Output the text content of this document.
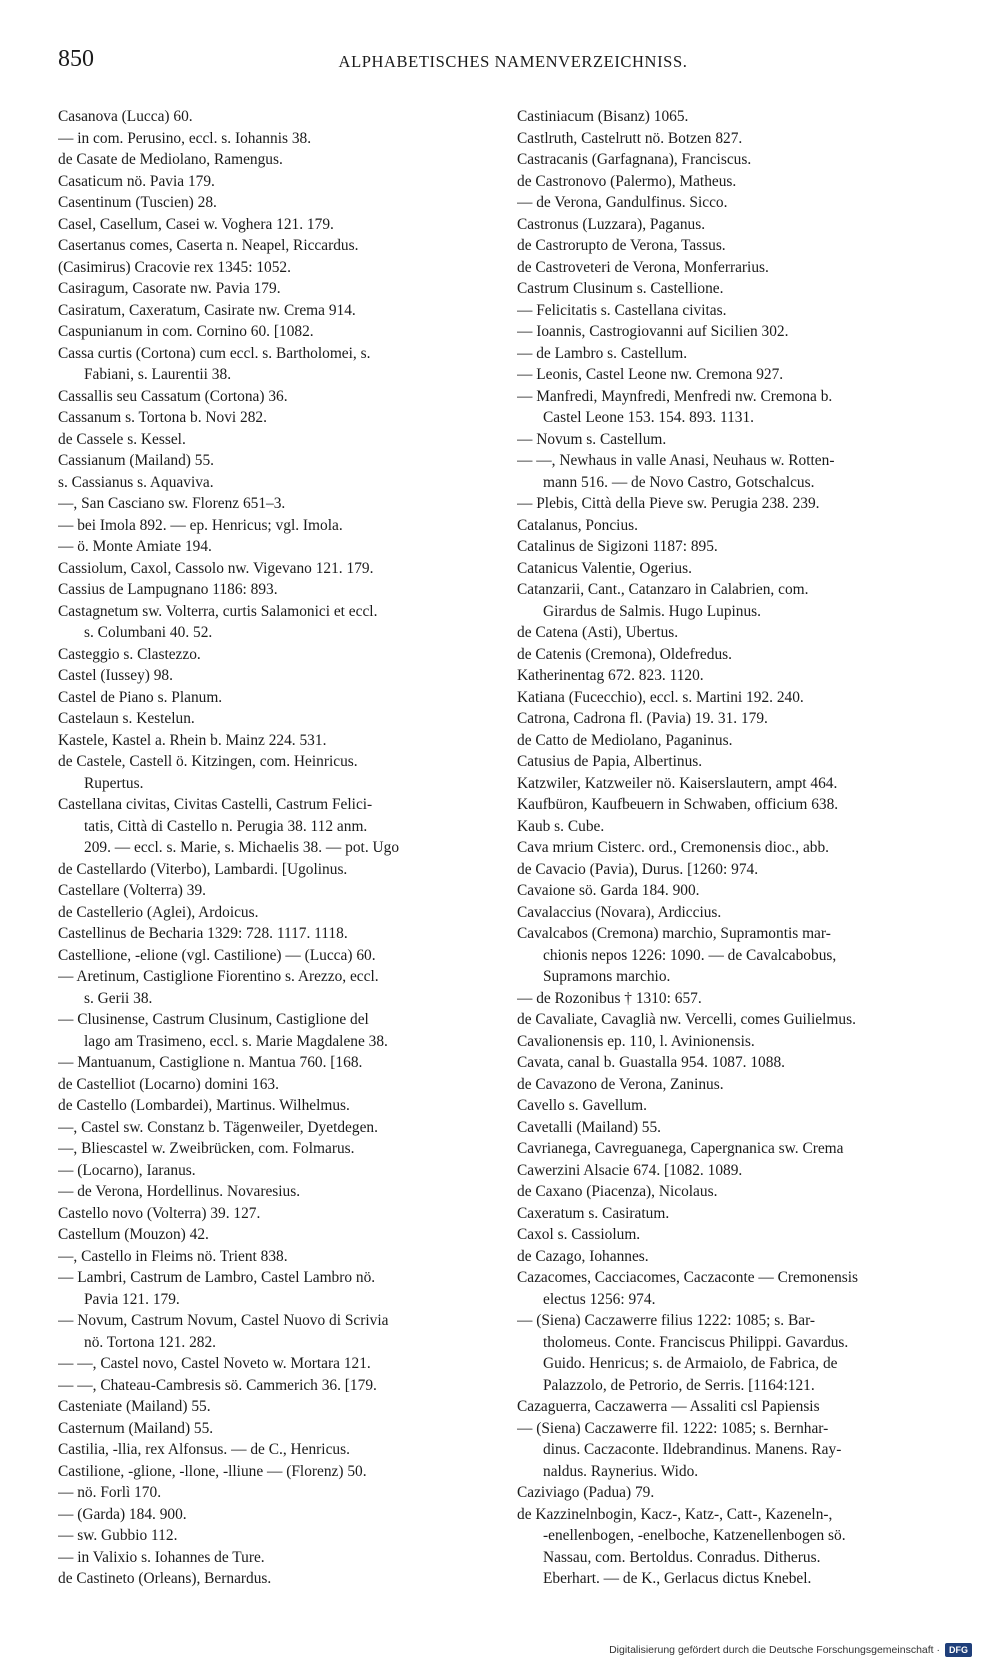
850	ALPHABETISCHES NAMENVERZEICHNISS.
Casanova (Lucca) 60.
— in com. Perusino, eccl. s. Iohannis 38.
de Casate de Mediolano, Ramengus.
Casaticum nö. Pavia 179.
Casentinum (Tuscien) 28.
Casel, Casellum, Casei w. Voghera 121. 179.
Casertanus comes, Caserta n. Neapel, Riccardus.
(Casimirus) Cracovie rex 1345: 1052.
Casiragum, Casorate nw. Pavia 179.
Casiratum, Caxeratum, Casirate nw. Crema 914.
Caspunianum in com. Cornino 60. [1082.
Cassa curtis (Cortona) cum eccl. s. Bartholomei, s.
Fabiani, s. Laurentii 38.
Cassallis seu Cassatum (Cortona) 36.
Cassanum s. Tortona b. Novi 282.
de Cassele s. Kessel.
Cassianum (Mailand) 55.
s. Cassianus s. Aquaviva.
—, San Casciano sw. Florenz 651–3.
— bei Imola 892. — ep. Henricus; vgl. Imola.
— ö. Monte Amiate 194.
Cassiolum, Caxol, Cassolo nw. Vigevano 121. 179.
Cassius de Lampugnano 1186: 893.
Castagnetum sw. Volterra, curtis Salamonici et eccl.
s. Columbani 40. 52.
Casteggio s. Clastezzo.
Castel (Iussey) 98.
Castel de Piano s. Planum.
Castelaun s. Kestelun.
Kastele, Kastel a. Rhein b. Mainz 224. 531.
de Castele, Castell ö. Kitzingen, com. Heinricus.
Rupertus.
Castellana civitas, Civitas Castelli, Castrum Felici-
tatis, Città di Castello n. Perugia 38. 112 anm.
209. — eccl. s. Marie, s. Michaelis 38. — pot. Ugo
de Castellardo (Viterbo), Lambardi. [Ugolinus.
Castellare (Volterra) 39.
de Castellerio (Aglei), Ardoicus.
Castellinus de Becharia 1329: 728. 1117. 1118.
Castellione, -elione (vgl. Castilione) — (Lucca) 60.
— Aretinum, Castiglione Fiorentino s. Arezzo, eccl.
s. Gerii 38.
— Clusinense, Castrum Clusinum, Castiglione del
lago am Trasimeno, eccl. s. Marie Magdalene 38.
— Mantuanum, Castiglione n. Mantua 760. [168.
de Castelliot (Locarno) domini 163.
de Castello (Lombardei), Martinus. Wilhelmus.
—, Castel sw. Constanz b. Tägenweiler, Dyetdegen.
—, Bliescastel w. Zweibrücken, com. Folmarus.
— (Locarno), Iaranus.
— de Verona, Hordellinus. Novaresius.
Castello novo (Volterra) 39. 127.
Castellum (Mouzon) 42.
—, Castello in Fleims nö. Trient 838.
— Lambri, Castrum de Lambro, Castel Lambro nö.
Pavia 121. 179.
— Novum, Castrum Novum, Castel Nuovo di Scrivia
nö. Tortona 121. 282.
— —, Castel novo, Castel Noveto w. Mortara 121.
— —, Chateau-Cambresis sö. Cammerich 36. [179.
Casteniate (Mailand) 55.
Casternum (Mailand) 55.
Castilia, -llia, rex Alfonsus. — de C., Henricus.
Castilione, -glione, -llone, -lliune — (Florenz) 50.
— nö. Forlì 170.
— (Garda) 184. 900.
— sw. Gubbio 112.
— in Valixio s. Iohannes de Ture.
de Castineto (Orleans), Bernardus.
Castiniacum (Bisanz) 1065.
Castlruth, Castelrutt nö. Botzen 827.
Castracanis (Garfagnana), Franciscus.
de Castronovo (Palermo), Matheus.
— de Verona, Gandulfinus. Sicco.
Castronus (Luzzara), Paganus.
de Castrorupto de Verona, Tassus.
de Castroveteri de Verona, Monferrarius.
Castrum Clusinum s. Castellione.
— Felicitatis s. Castellana civitas.
— Ioannis, Castrogiovanni auf Sicilien 302.
— de Lambro s. Castellum.
— Leonis, Castel Leone nw. Cremona 927.
— Manfredi, Maynfredi, Menfredi nw. Cremona b.
Castel Leone 153. 154. 893. 1131.
— Novum s. Castellum.
— —, Newhaus in valle Anasi, Neuhaus w. Rotten-
mann 516. — de Novo Castro, Gotschalcus.
— Plebis, Città della Pieve sw. Perugia 238. 239.
Catalanus, Poncius.
Catalinus de Sigizoni 1187: 895.
Catanicus Valentie, Ogerius.
Catanzarii, Cant., Catanzaro in Calabrien, com.
Girardus de Salmis. Hugo Lupinus.
de Catena (Asti), Ubertus.
de Catenis (Cremona), Oldefredus.
Katherinentag 672. 823. 1120.
Katiana (Fucecchio), eccl. s. Martini 192. 240.
Catrona, Cadrona fl. (Pavia) 19. 31. 179.
de Catto de Mediolano, Paganinus.
Catusius de Papia, Albertinus.
Katzwiler, Katzweiler nö. Kaiserslautern, ampt 464.
Kaufbüron, Kaufbeuern in Schwaben, officium 638.
Kaub s. Cube.
Cava mrium Cisterc. ord., Cremonensis dioc., abb.
de Cavacio (Pavia), Durus. [1260: 974.
Cavaione sö. Garda 184. 900.
Cavalaccius (Novara), Ardiccius.
Cavalcabos (Cremona) marchio, Supramontis mar-
chionis nepos 1226: 1090. — de Cavalcabobus,
Supramons marchio.
— de Rozonibus † 1310: 657.
de Cavaliate, Cavaglià nw. Vercelli, comes Guilielmus.
Cavalionensis ep. 110, l. Avinionensis.
Cavata, canal b. Guastalla 954. 1087. 1088.
de Cavazono de Verona, Zaninus.
Cavello s. Gavellum.
Cavetalli (Mailand) 55.
Cavrianega, Cavreguanega, Capergnanica sw. Crema
Cawerzini Alsacie 674. [1082. 1089.
de Caxano (Piacenza), Nicolaus.
Caxeratum s. Casiratum.
Caxol s. Cassiolum.
de Cazago, Iohannes.
Cazacomes, Cacciacomes, Caczaconte — Cremonensis
electus 1256: 974.
— (Siena) Caczawerre filius 1222: 1085; s. Bar-
tholomeus. Conte. Franciscus Philippi. Gavardus.
Guido. Henricus; s. de Armaiolo, de Fabrica, de
Palazzolo, de Petrorio, de Serris. [1164:121.
Cazaguerra, Caczawerra — Assaliti csl Papiensis
— (Siena) Caczawerre fil. 1222: 1085; s. Bernhar-
dinus. Caczaconte. Ildebrandinus. Manens. Ray-
naldus. Raynerius. Wido.
Caziviago (Padua) 79.
de Kazzinelnbogin, Kacz-, Katz-, Catt-, Kazeneln-,
-enellenbogen, -enelboche, Katzenellenbogen sö.
Nassau, com. Bertoldus. Conradus. Ditherus.
Eberhart. — de K., Gerlacus dictus Knebel.
Digitalisierung gefördert durch die Deutsche Forschungsgemeinschaft ·	DFG
